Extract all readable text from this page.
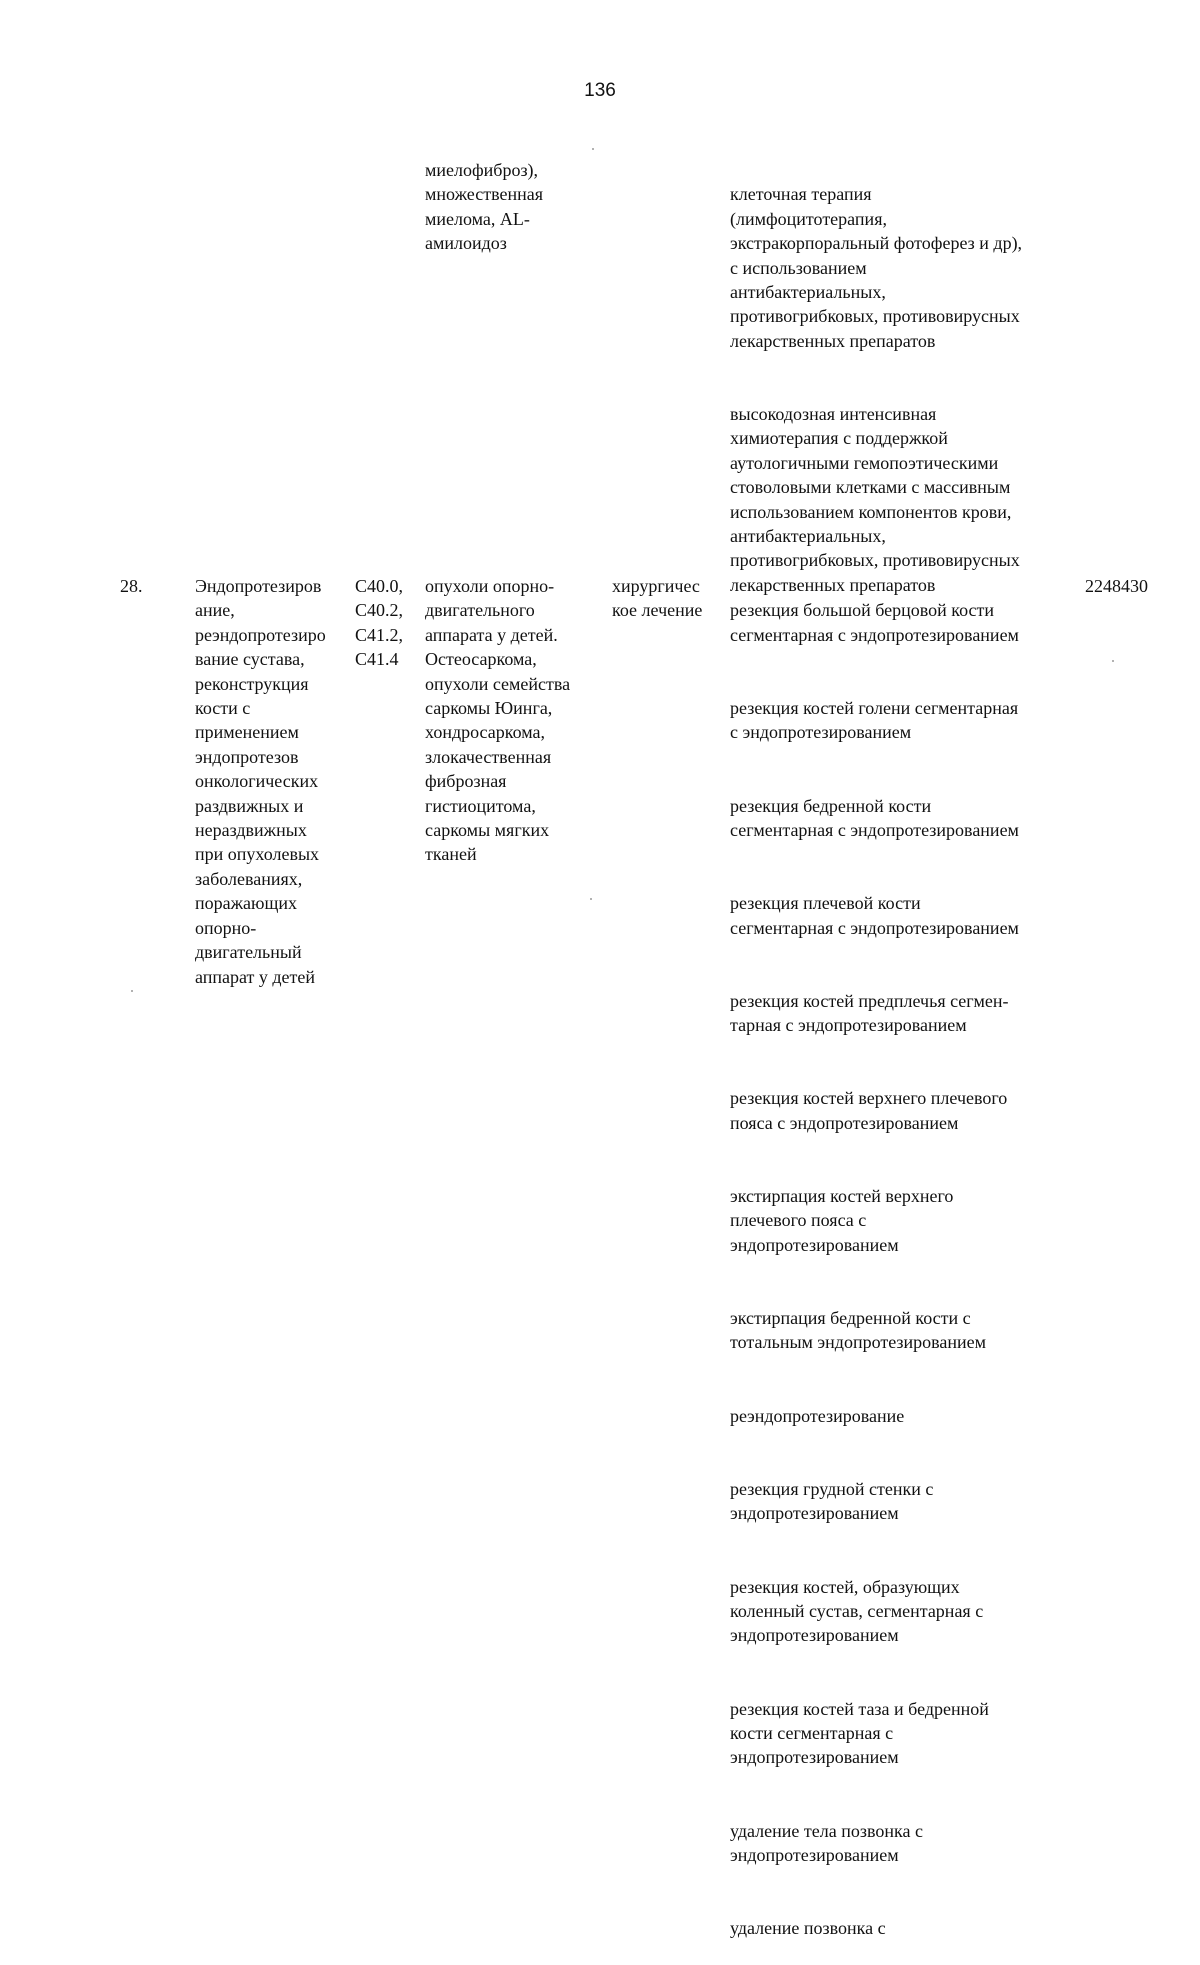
136
миелофиброз),
множественная
миелома, AL-
амилоидоз

клеточная терапия
(лимфоцитотерапия,
экстракорпоральный фотоферез и др),
с использованием
антибактериальных,
противогрибковых, противовирусных
лекарственных препаратов

высокодозная интенсивная
химиотерапия с поддержкой
аутологичными гемопоэтическими
стоволовыми клетками с массивным
использованием компонентов крови,
антибактериальных,
противогрибковых, противовирусных
лекарственных препаратов

28.	Эндопротезиров
ание,
реэндопротезиро
вание сустава,
реконструкция
кости с
применением
эндопротезов
онкологических
раздвижных и
нераздвижных
при опухолевых
заболеваниях,
поражающих
опорно-
двигательный
аппарат у детей
C40.0,
C40.2,
C41.2,
C41.4
опухоли опорно-
двигательного
аппарата у детей.
Остеосаркома,
опухоли семейства
саркомы Юинга,
хондросаркома,
злокачественная
фиброзная
гистиоцитома,
саркомы мягких
тканей
хирургичес
кое лечение	резекция большой берцовой кости
сегментарная с эндопротезированием

резекция костей голени сегментарная
с эндопротезированием

резекция бедренной кости
сегментарная с эндопротезированием

резекция плечевой кости
сегментарная с эндопротезированием

резекция костей предплечья сегмен-
тарная с эндопротезированием

резекция костей верхнего плечевого
пояса с эндопротезированием

экстирпация костей верхнего
плечевого пояса с
эндопротезированием

экстирпация бедренной кости с
тотальным эндопротезированием

реэндопротезирование

резекция грудной стенки с
эндопротезированием

резекция костей, образующих
коленный сустав, сегментарная с
эндопротезированием

резекция костей таза и бедренной
кости сегментарная с
эндопротезированием

удаление тела позвонка с
эндопротезированием

удаление позвонка с

2248430
